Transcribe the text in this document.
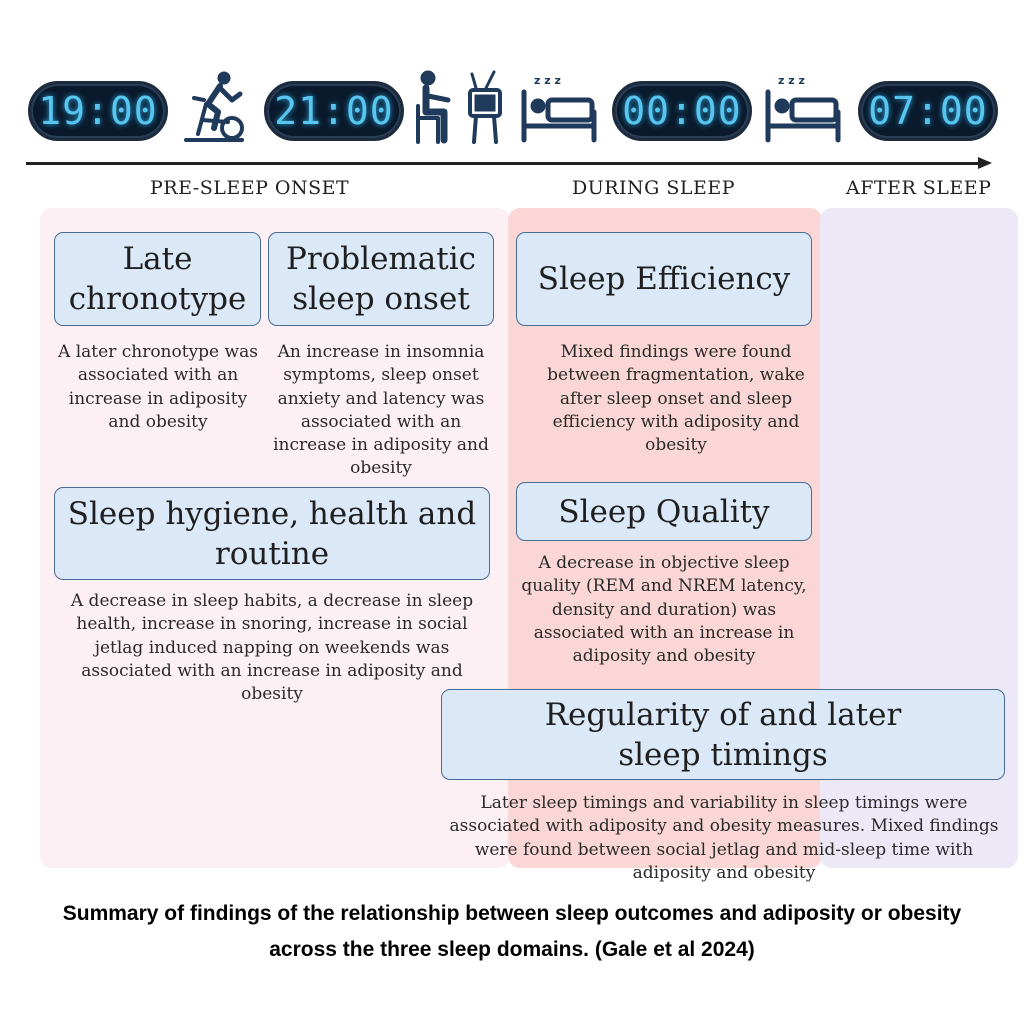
19:00	21:00
z z z
00:00
z z z
07:00
PRE-SLEEP ONSET	DURING SLEEP	AFTER SLEEP
Late chronotype
A later chronotype was associated with an increase in adiposity and obesity
Problematic sleep onset
An increase in insomnia symptoms, sleep onset anxiety and latency was associated with an increase in adiposity and obesity
Sleep Efficiency
Mixed findings were found between fragmentation, wake after sleep onset and sleep efficiency with adiposity and obesity
Sleep hygiene, health and routine
A decrease in sleep habits, a decrease in sleep health, increase in snoring, increase in social jetlag induced napping on weekends was associated with an increase in adiposity and obesity
Sleep Quality
A decrease in objective sleep quality (REM and NREM latency, density and duration) was associated with an increase in adiposity and obesity
Regularity of and later sleep timings
Later sleep timings and variability in sleep timings were associated with adiposity and obesity measures. Mixed findings were found between social jetlag and mid-sleep time with adiposity and obesity
Summary of findings of the relationship between sleep outcomes and adiposity or obesity across the three sleep domains. (Gale et al 2024)
